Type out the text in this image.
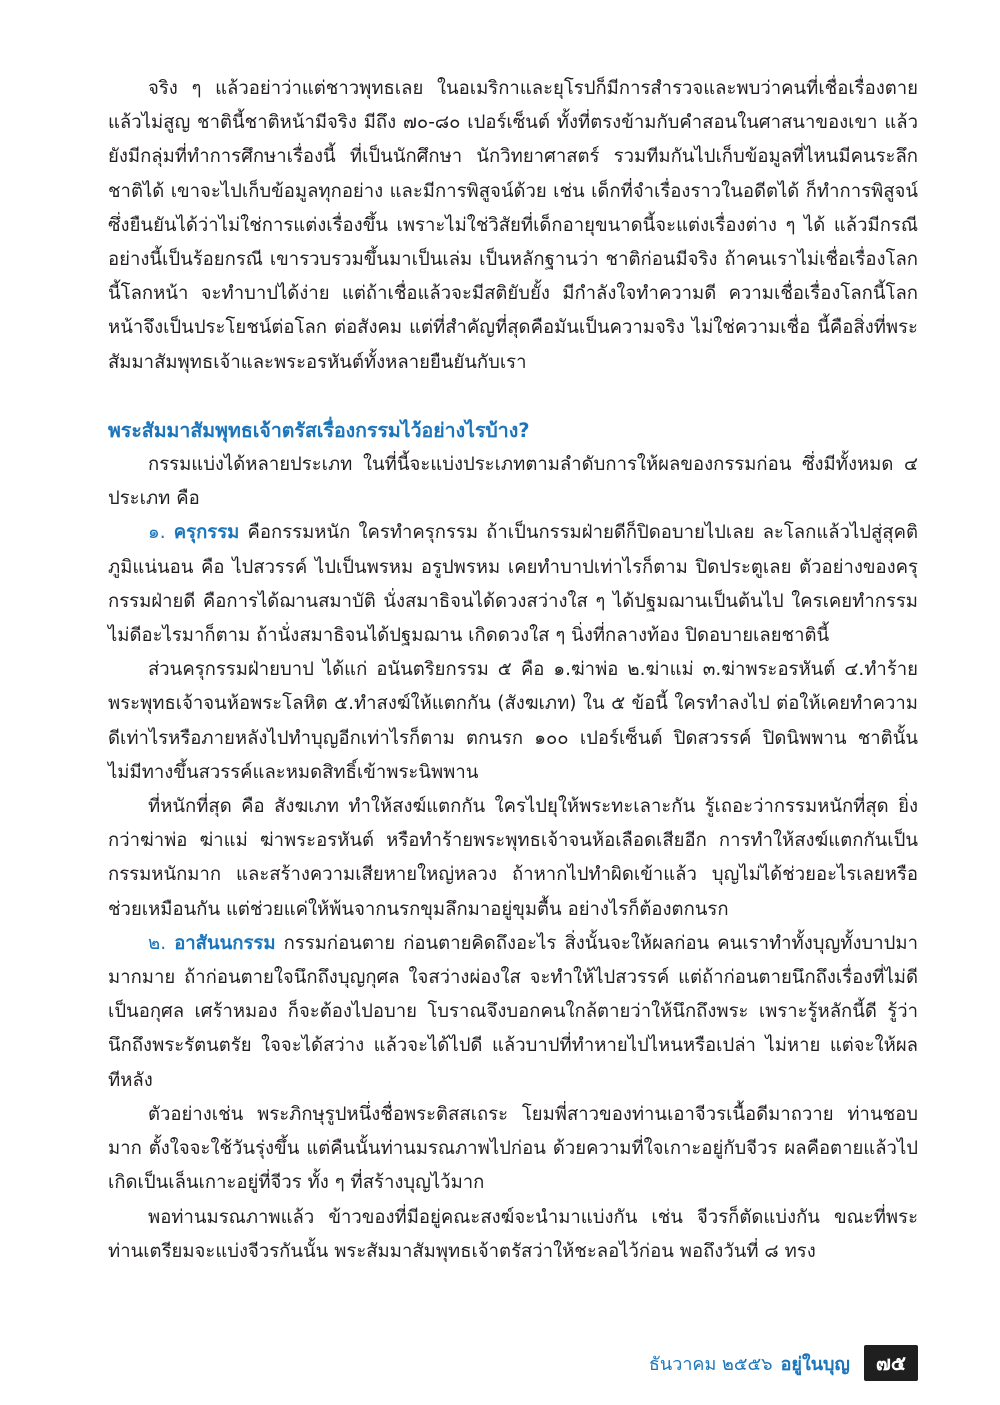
จริง ๆ แล้วอย่าว่าแต่ชาวพุทธเลย ในอเมริกาและยุโรปก็มีการสำรวจและพบว่าคนที่เชื่อเรื่องตายแล้วไม่สูญ ชาตินี้ชาติหน้ามีจริง มีถึง ๗๐-๘๐ เปอร์เซ็นต์ ทั้งที่ตรงข้ามกับคำสอนในศาสนาของเขา แล้วยังมีกลุ่มที่ทำการศึกษาเรื่องนี้ ที่เป็นนักศึกษา นักวิทยาศาสตร์ รวมทีมกันไปเก็บข้อมูลที่ไหนมีคนระลึกชาติได้ เขาจะไปเก็บข้อมูลทุกอย่าง และมีการพิสูจน์ด้วย เช่น เด็กที่จำเรื่องราวในอดีตได้ ก็ทำการพิสูจน์ ซึ่งยืนยันได้ว่าไม่ใช่การแต่งเรื่องขึ้น เพราะไม่ใช่วิสัยที่เด็กอายุขนาดนี้จะแต่งเรื่องต่าง ๆ ได้ แล้วมีกรณีอย่างนี้เป็นร้อยกรณี เขารวบรวมขึ้นมาเป็นเล่ม เป็นหลักฐานว่า ชาติก่อนมีจริง ถ้าคนเราไม่เชื่อเรื่องโลกนี้โลกหน้า จะทำบาปได้ง่าย แต่ถ้าเชื่อแล้วจะมีสติยับยั้ง มีกำลังใจทำความดี ความเชื่อเรื่องโลกนี้โลกหน้าจึงเป็นประโยชน์ต่อโลก ต่อสังคม แต่ที่สำคัญที่สุดคือมันเป็นความจริง ไม่ใช่ความเชื่อ นี้คือสิ่งที่พระสัมมาสัมพุทธเจ้าและพระอรหันต์ทั้งหลายยืนยันกับเรา

พระสัมมาสัมพุทธเจ้าตรัสเรื่องกรรมไว้อย่างไรบ้าง?

กรรมแบ่งได้หลายประเภท ในที่นี้จะแบ่งประเภทตามลำดับการให้ผลของกรรมก่อน ซึ่งมีทั้งหมด ๔ ประเภท คือ

๑. ครุกรรม คือกรรมหนัก ใครทำครุกรรม ถ้าเป็นกรรมฝ่ายดีก็ปิดอบายไปเลย ละโลกแล้วไปสู่สุคติภูมิแน่นอน คือ ไปสวรรค์ ไปเป็นพรหม อรูปพรหม เคยทำบาปเท่าไรก็ตาม ปิดประตูเลย ตัวอย่างของครุกรรมฝ่ายดี คือการได้ฌานสมาบัติ นั่งสมาธิจนได้ดวงสว่างใส ๆ ได้ปฐมฌานเป็นต้นไป ใครเคยทำกรรมไม่ดีอะไรมาก็ตาม ถ้านั่งสมาธิจนได้ปฐมฌาน เกิดดวงใส ๆ นิ่งที่กลางท้อง ปิดอบายเลยชาตินี้

ส่วนครุกรรมฝ่ายบาป ได้แก่ อนันตริยกรรม ๕ คือ ๑.ฆ่าพ่อ ๒.ฆ่าแม่ ๓.ฆ่าพระอรหันต์ ๔.ทำร้ายพระพุทธเจ้าจนห้อพระโลหิต ๕.ทำสงฆ์ให้แตกกัน (สังฆเภท) ใน ๕ ข้อนี้ ใครทำลงไป ต่อให้เคยทำความดีเท่าไรหรือภายหลังไปทำบุญอีกเท่าไรก็ตาม ตกนรก ๑๐๐ เปอร์เซ็นต์ ปิดสวรรค์ ปิดนิพพาน ชาตินั้นไม่มีทางขึ้นสวรรค์และหมดสิทธิ์เข้าพระนิพพาน

ที่หนักที่สุด คือ สังฆเภท ทำให้สงฆ์แตกกัน ใครไปยุให้พระทะเลาะกัน รู้เถอะว่ากรรมหนักที่สุด ยิ่งกว่าฆ่าพ่อ ฆ่าแม่ ฆ่าพระอรหันต์ หรือทำร้ายพระพุทธเจ้าจนห้อเลือดเสียอีก การทำให้สงฆ์แตกกันเป็นกรรมหนักมาก และสร้างความเสียหายใหญ่หลวง ถ้าหากไปทำผิดเข้าแล้ว บุญไม่ได้ช่วยอะไรเลยหรือ ช่วยเหมือนกัน แต่ช่วยแค่ให้พ้นจากนรกขุมลึกมาอยู่ขุมตื้น อย่างไรก็ต้องตกนรก

๒. อาสันนกรรม กรรมก่อนตาย ก่อนตายคิดถึงอะไร สิ่งนั้นจะให้ผลก่อน คนเราทำทั้งบุญทั้งบาปมามากมาย ถ้าก่อนตายใจนึกถึงบุญกุศล ใจสว่างผ่องใส จะทำให้ไปสวรรค์ แต่ถ้าก่อนตายนึกถึงเรื่องที่ไม่ดี เป็นอกุศล เศร้าหมอง ก็จะต้องไปอบาย โบราณจึงบอกคนใกล้ตายว่าให้นึกถึงพระ เพราะรู้หลักนี้ดี รู้ว่านึกถึงพระรัตนตรัย ใจจะได้สว่าง แล้วจะได้ไปดี แล้วบาปที่ทำหายไปไหนหรือเปล่า ไม่หาย แต่จะให้ผลทีหลัง

ตัวอย่างเช่น พระภิกษุรูปหนึ่งชื่อพระติสสเถระ โยมพี่สาวของท่านเอาจีวรเนื้อดีมาถวาย ท่านชอบมาก ตั้งใจจะใช้วันรุ่งขึ้น แต่คืนนั้นท่านมรณภาพไปก่อน ด้วยความที่ใจเกาะอยู่กับจีวร ผลคือตายแล้วไปเกิดเป็นเล็นเกาะอยู่ที่จีวร ทั้ง ๆ ที่สร้างบุญไว้มาก

พอท่านมรณภาพแล้ว ข้าวของที่มีอยู่คณะสงฆ์จะนำมาแบ่งกัน เช่น จีวรก็ตัดแบ่งกัน ขณะที่พระท่านเตรียมจะแบ่งจีวรกันนั้น พระสัมมาสัมพุทธเจ้าตรัสว่าให้ชะลอไว้ก่อน พอถึงวันที่ ๘ ทรง

ธันวาคม ๒๕๕๖ อยู่ในบุญ	๗๕
